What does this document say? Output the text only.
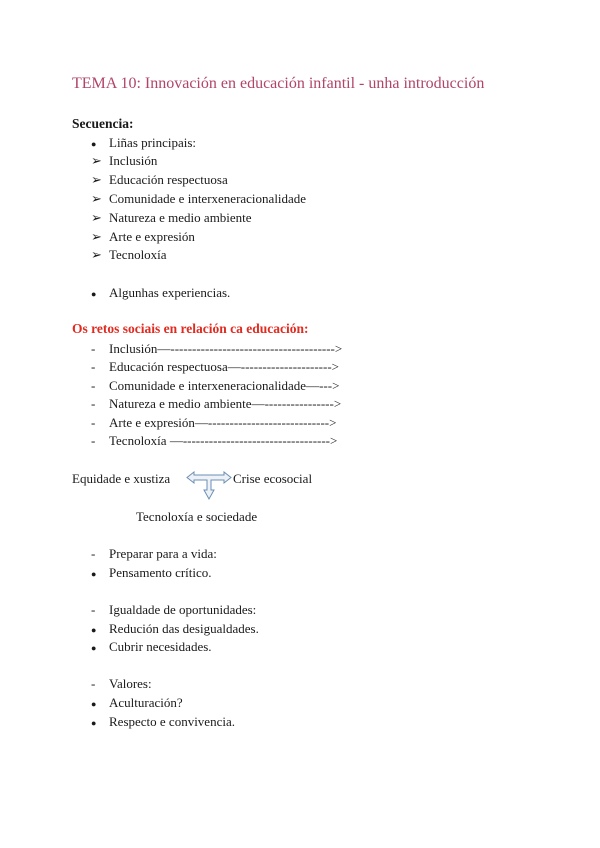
TEMA 10: Innovación en educación infantil - unha introducción
Secuencia:
● Liñas principais:
➢ Inclusión
➢ Educación respectuosa
➢ Comunidade e interxeneracionalidade
➢ Natureza e medio ambiente
➢ Arte e expresión
➢ Tecnoloxía
● Algunhas experiencias.
Os retos sociais en relación ca educación:
- Inclusión—-------------------------------------->
- Educación respectuosa—--------------------->
- Comunidade e interxeneracionalidade—--->
- Natureza e medio ambiente—---------------->
- Arte e expresión—---------------------------->
- Tecnoloxía —---------------------------------->
Equidade e xustiza	Crise ecosocial
Tecnoloxía e sociedade
- Preparar para a vida:
● Pensamento crítico.
- Igualdade de oportunidades:
● Redución das desigualdades.
● Cubrir necesidades.
- Valores:
● Aculturación?
● Respecto e convivencia.
